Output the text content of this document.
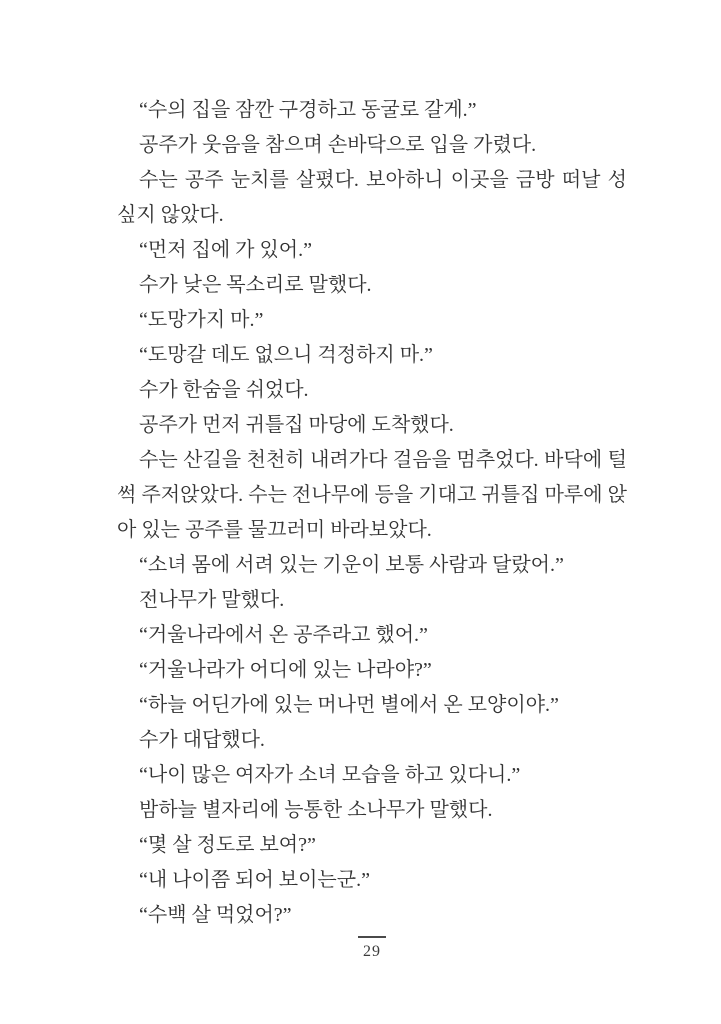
“수의 집을 잠깐 구경하고 동굴로 갈게.”

공주가 웃음을 참으며 손바닥으로 입을 가렸다.

수는 공주 눈치를 살폈다. 보아하니 이곳을 금방 떠날 성싶지 않았다.

“먼저 집에 가 있어.”

수가 낮은 목소리로 말했다.

“도망가지 마.”

“도망갈 데도 없으니 걱정하지 마.”

수가 한숨을 쉬었다.

공주가 먼저 귀틀집 마당에 도착했다.

수는 산길을 천천히 내려가다 걸음을 멈추었다. 바닥에 털썩 주저앉았다. 수는 전나무에 등을 기대고 귀틀집 마루에 앉아 있는 공주를 물끄러미 바라보았다.

“소녀 몸에 서려 있는 기운이 보통 사람과 달랐어.”

전나무가 말했다.

“거울나라에서 온 공주라고 했어.”

“거울나라가 어디에 있는 나라야?”

“하늘 어딘가에 있는 머나먼 별에서 온 모양이야.”

수가 대답했다.

“나이 많은 여자가 소녀 모습을 하고 있다니.”

밤하늘 별자리에 능통한 소나무가 말했다.

“몇 살 정도로 보여?”

“내 나이쯤 되어 보이는군.”

“수백 살 먹었어?”

29
